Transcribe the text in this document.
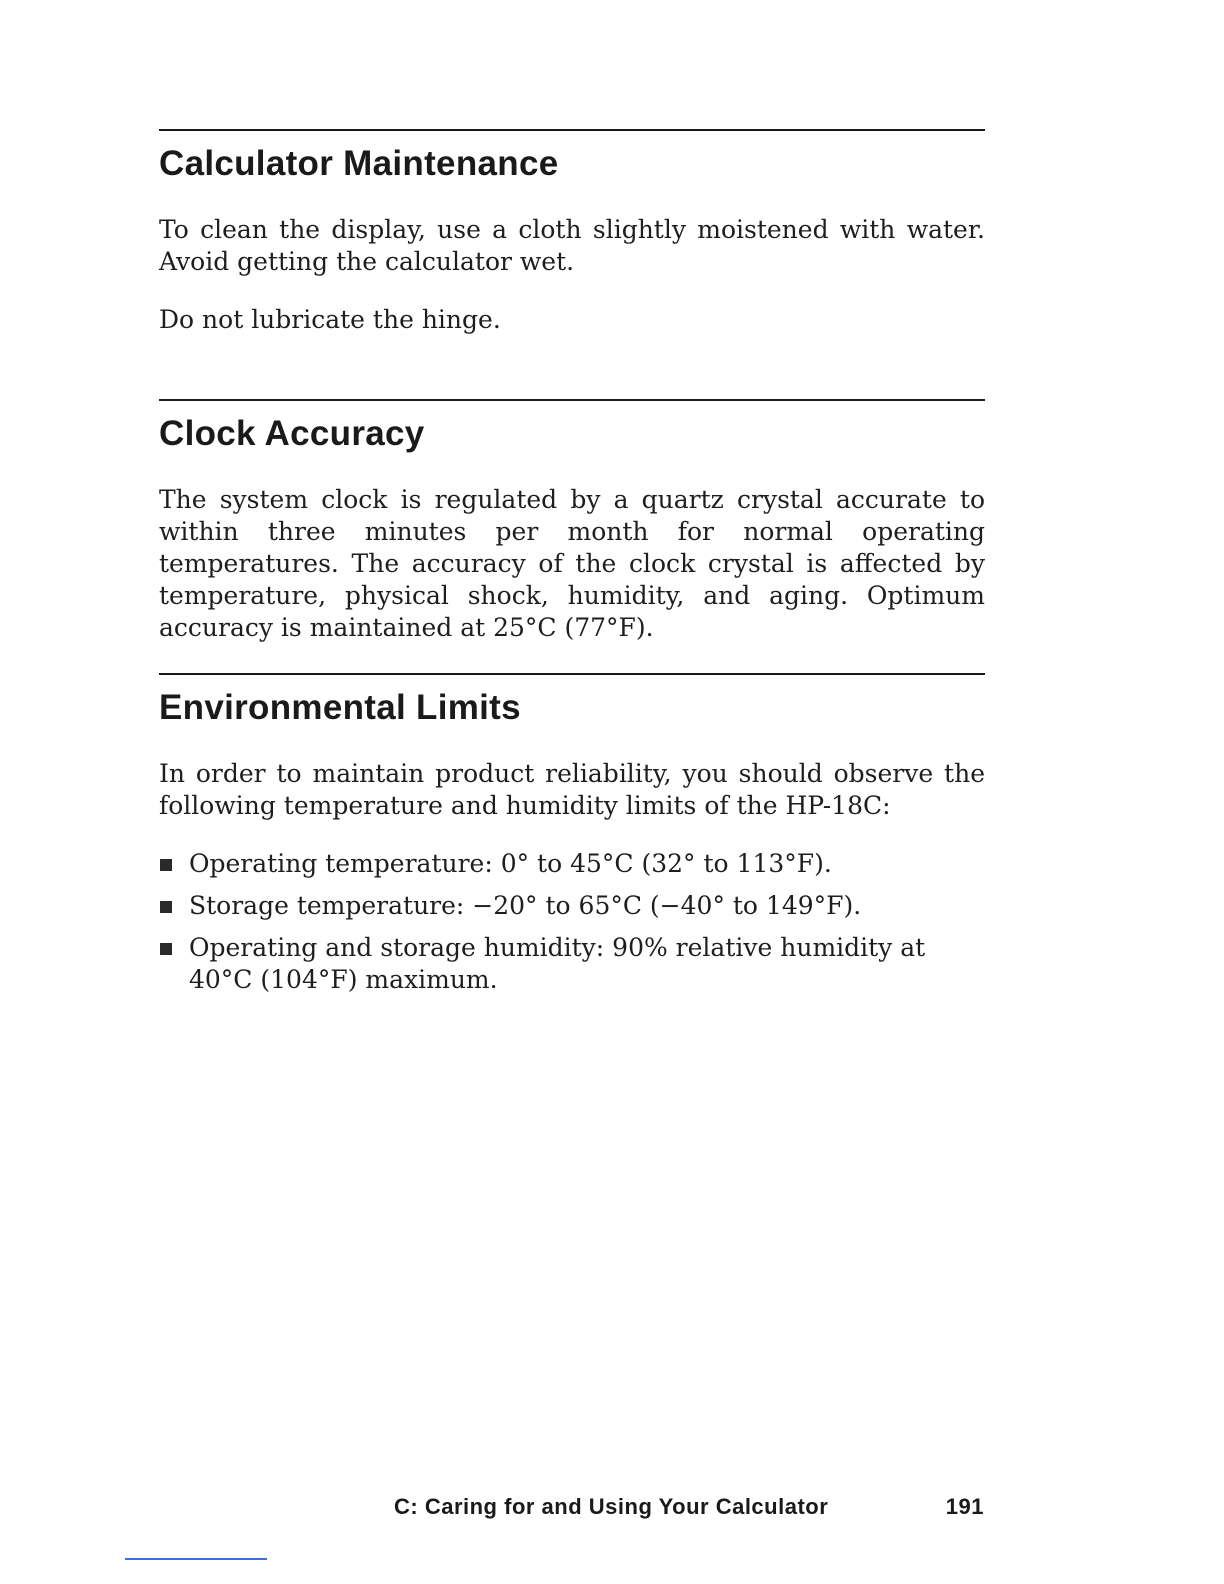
Calculator Maintenance

To clean the display, use a cloth slightly moistened with water. Avoid getting the calculator wet.

Do not lubricate the hinge.

Clock Accuracy

The system clock is regulated by a quartz crystal accurate to within three minutes per month for normal operating temperatures. The accuracy of the clock crystal is affected by temperature, physical shock, humidity, and aging. Optimum accuracy is maintained at 25°C (77°F).

Environmental Limits

In order to maintain product reliability, you should observe the following temperature and humidity limits of the HP-18C:

Operating temperature: 0° to 45°C (32° to 113°F).
Storage temperature: −20° to 65°C (−40° to 149°F).
Operating and storage humidity: 90% relative humidity at 40°C (104°F) maximum.
C: Caring for and Using Your Calculator	191
